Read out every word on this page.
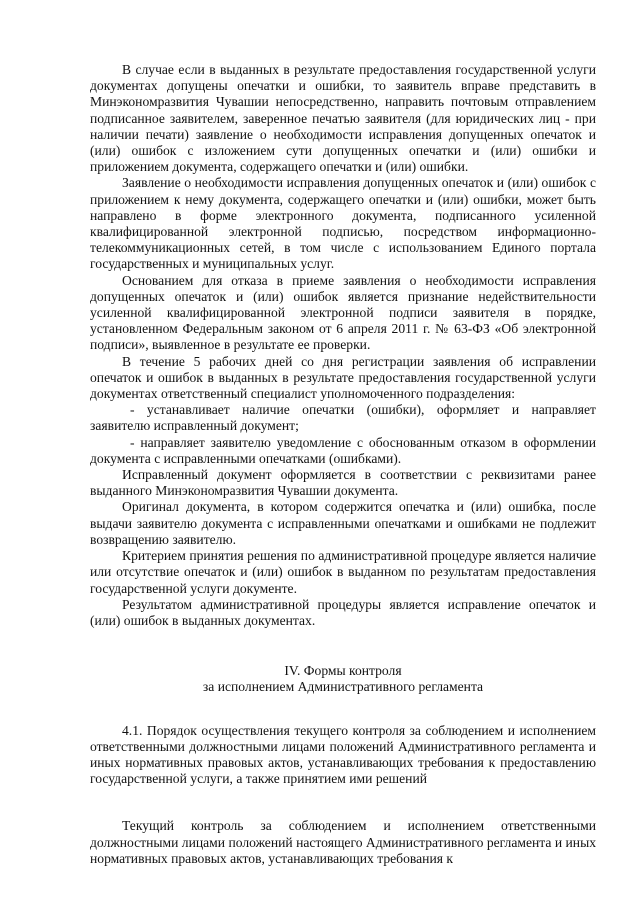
В случае если в выданных в результате предоставления государственной услуги документах допущены опечатки и ошибки, то заявитель вправе представить в Минэкономразвития Чувашии непосредственно, направить почтовым отправлением подписанное заявителем, заверенное печатью заявителя (для юридических лиц - при наличии печати) заявление о необходимости исправления допущенных опечаток и (или) ошибок с изложением сути допущенных опечатки и (или) ошибки и приложением документа, содержащего опечатки и (или) ошибки.

Заявление о необходимости исправления допущенных опечаток и (или) ошибок с приложением к нему документа, содержащего опечатки и (или) ошибки, может быть направлено в форме электронного документа, подписанного усиленной квалифицированной электронной подписью, посредством информационно-телекоммуникационных сетей, в том числе с использованием Единого портала государственных и муниципальных услуг.

Основанием для отказа в приеме заявления о необходимости исправления допущенных опечаток и (или) ошибок является признание недействительности усиленной квалифицированной электронной подписи заявителя в порядке, установленном Федеральным законом от 6 апреля 2011 г. № 63-ФЗ «Об электронной подписи», выявленное в результате ее проверки.

В течение 5 рабочих дней со дня регистрации заявления об исправлении опечаток и ошибок в выданных в результате предоставления государственной услуги документах ответственный специалист уполномоченного подразделения:

- устанавливает наличие опечатки (ошибки), оформляет и направляет заявителю исправленный документ;

- направляет заявителю уведомление с обоснованным отказом в оформлении документа с исправленными опечатками (ошибками).

Исправленный документ оформляется в соответствии с реквизитами ранее выданного Минэкономразвития Чувашии документа.

Оригинал документа, в котором содержится опечатка и (или) ошибка, после выдачи заявителю документа с исправленными опечатками и ошибками не подлежит возвращению заявителю.

Критерием принятия решения по административной процедуре является наличие или отсутствие опечаток и (или) ошибок в выданном по результатам предоставления государственной услуги документе.

Результатом административной процедуры является исправление опечаток и (или) ошибок в выданных документах.

IV. Формы контроля
за исполнением Административного регламента

4.1. Порядок осуществления текущего контроля за соблюдением и исполнением ответственными должностными лицами положений Административного регламента и иных нормативных правовых актов, устанавливающих требования к предоставлению государственной услуги, а также принятием ими решений

Текущий контроль за соблюдением и исполнением ответственными должностными лицами положений настоящего Административного регламента и иных нормативных правовых актов, устанавливающих требования к
